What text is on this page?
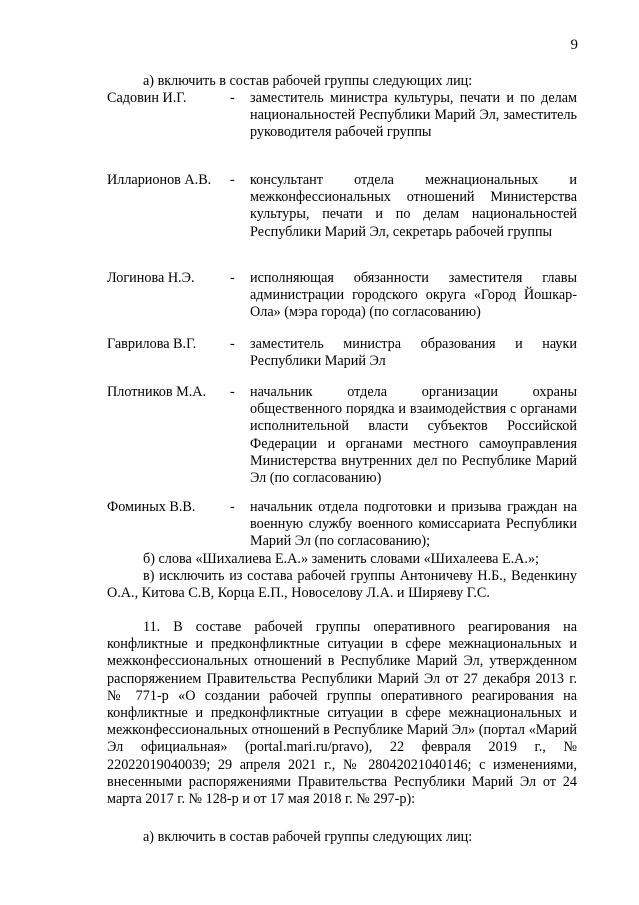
9
а) включить в состав рабочей группы следующих лиц:
Садовин И.Г.	- заместитель министра культуры, печати и по делам национальностей Республики Марий Эл, заместитель руководителя рабочей группы
Илларионов А.В. - консультант отдела межнациональных и межконфессиональных отношений Министерства культуры, печати и по делам национальностей Республики Марий Эл, секретарь рабочей группы
Логинова Н.Э. - исполняющая обязанности заместителя главы администрации городского округа «Город Йошкар-Ола» (мэра города) (по согласованию)
Гаврилова В.Г. - заместитель министра образования и науки Республики Марий Эл
Плотников М.А. - начальник отдела организации охраны общественного порядка и взаимодействия с органами исполнительной власти субъектов Российской Федерации и органами местного самоуправления Министерства внутренних дел по Республике Марий Эл (по согласованию)
Фоминых В.В. - начальник отдела подготовки и призыва граждан на военную службу военного комиссариата Республики Марий Эл (по согласованию);
б) слова «Шихалиева Е.А.» заменить словами «Шихалеева Е.А.»;
в) исключить из состава рабочей группы Антоничеву Н.Б., Веденкину О.А., Китова С.В, Корца Е.П., Новоселову Л.А. и Ширяеву Г.С.
11. В составе рабочей группы оперативного реагирования на конфликтные и предконфликтные ситуации в сфере межнациональных и межконфессиональных отношений в Республике Марий Эл, утвержденном распоряжением Правительства Республики Марий Эл от 27 декабря 2013 г. № 771-р «О создании рабочей группы оперативного реагирования на конфликтные и предконфликтные ситуации в сфере межнациональных и межконфессиональных отношений в Республике Марий Эл» (портал «Марий Эл официальная» (portal.mari.ru/pravo), 22 февраля 2019 г., № 22022019040039; 29 апреля 2021 г., № 28042021040146; с изменениями, внесенными распоряжениями Правительства Республики Марий Эл от 24 марта 2017 г. № 128-р и от 17 мая 2018 г. № 297-р):
а) включить в состав рабочей группы следующих лиц:
